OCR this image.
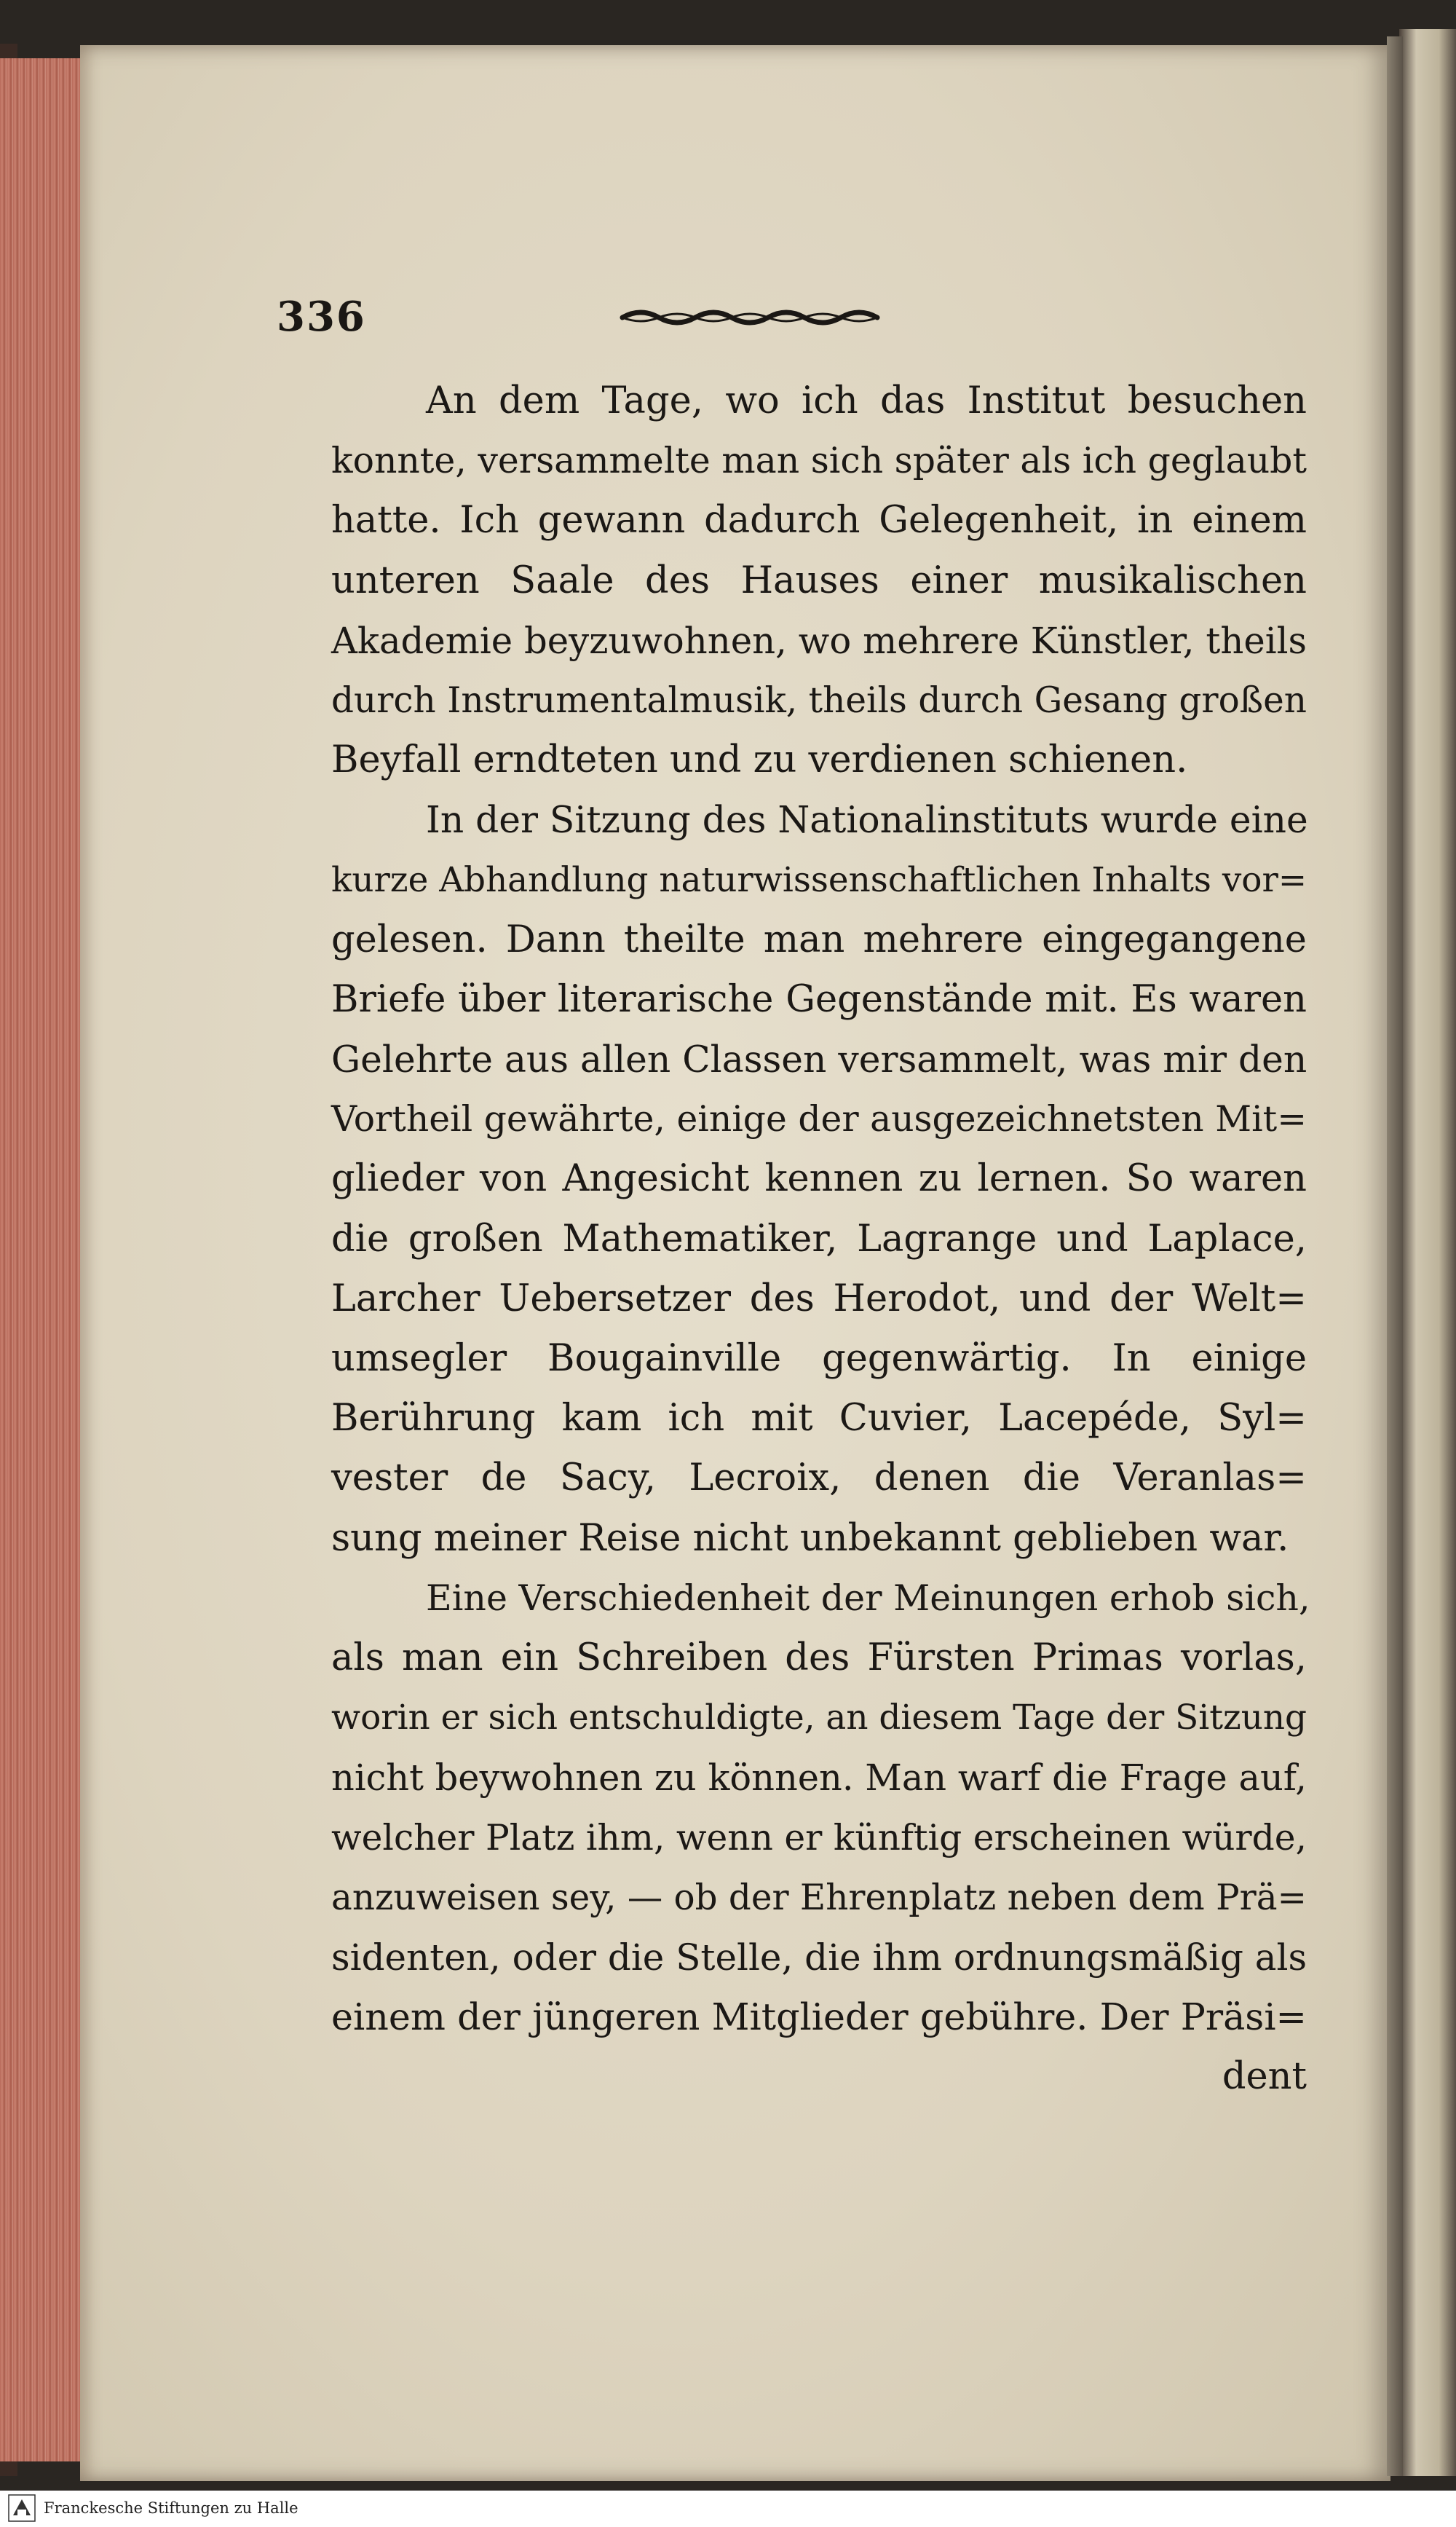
336
An dem Tage, wo ich das Institut besuchen
konnte, versammelte man sich später als ich geglaubt
hatte. Ich gewann dadurch Gelegenheit, in einem
unteren Saale des Hauses einer musikalischen
Akademie beyzuwohnen, wo mehrere Künstler, theils
durch Instrumentalmusik, theils durch Gesang großen
Beyfall erndteten und zu verdienen schienen.
In der Sitzung des Nationalinstituts wurde eine
kurze Abhandlung naturwissenschaftlichen Inhalts vor=
gelesen. Dann theilte man mehrere eingegangene
Briefe über literarische Gegenstände mit. Es waren
Gelehrte aus allen Classen versammelt, was mir den
Vortheil gewährte, einige der ausgezeichnetsten Mit=
glieder von Angesicht kennen zu lernen. So waren
die großen Mathematiker, Lagrange und Laplace,
Larcher Uebersetzer des Herodot, und der Welt=
umsegler Bougainville gegenwärtig. In einige
Berührung kam ich mit Cuvier, Lacepéde, Syl=
vester de Sacy, Lecroix, denen die Veranlas=
sung meiner Reise nicht unbekannt geblieben war.
Eine Verschiedenheit der Meinungen erhob sich,
als man ein Schreiben des Fürsten Primas vorlas,
worin er sich entschuldigte, an diesem Tage der Sitzung
nicht beywohnen zu können. Man warf die Frage auf,
welcher Platz ihm, wenn er künftig erscheinen würde,
anzuweisen sey, — ob der Ehrenplatz neben dem Prä=
sidenten, oder die Stelle, die ihm ordnungsmäßig als
einem der jüngeren Mitglieder gebühre. Der Präsi=
dent
Franckesche Stiftungen zu Halle
